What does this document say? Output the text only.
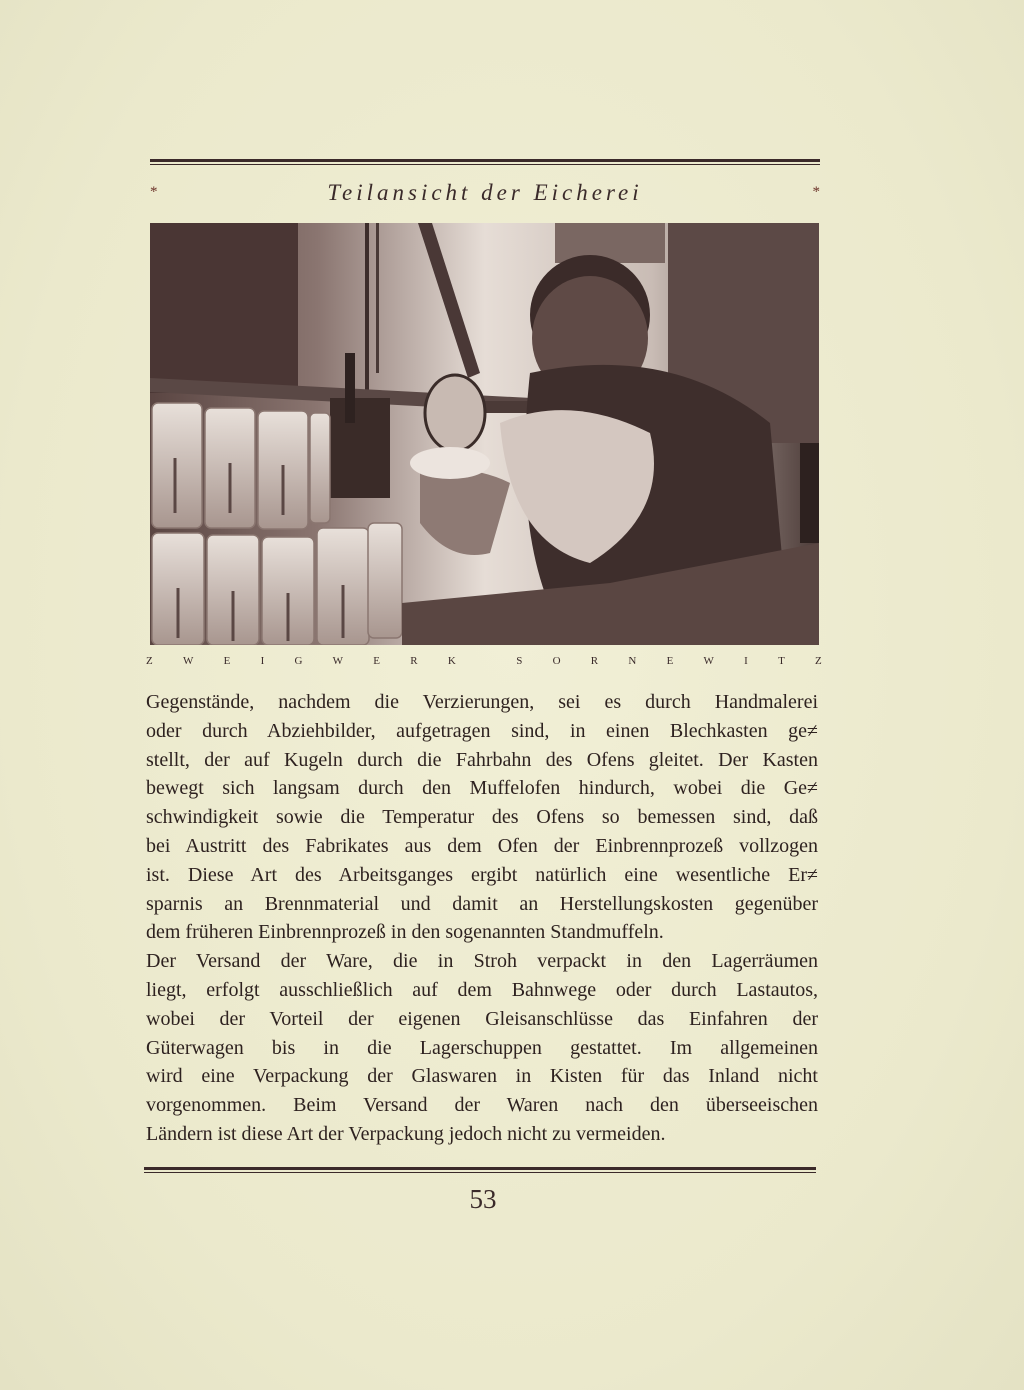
*	Teilansicht der Eicherei	*
Z	W	E	I	G	W	E	R	K	S	O	R	N	E	W	I	T	Z
Gegenstände, nachdem die Verzierungen, sei es durch Handmalerei
oder durch Abziehbilder, aufgetragen sind, in einen Blechkasten ge≠
stellt, der auf Kugeln durch die Fahrbahn des Ofens gleitet. Der Kasten
bewegt sich langsam durch den Muffelofen hindurch, wobei die Ge≠
schwindigkeit sowie die Temperatur des Ofens so bemessen sind, daß
bei Austritt des Fabrikates aus dem Ofen der Einbrennprozeß vollzogen
ist. Diese Art des Arbeitsganges ergibt natürlich eine wesentliche Er≠
sparnis an Brennmaterial und damit an Herstellungskosten gegenüber
dem früheren Einbrennprozeß in den sogenannten Standmuffeln.
Der Versand der Ware, die in Stroh verpackt in den Lagerräumen
liegt, erfolgt ausschließlich auf dem Bahnwege oder durch Lastautos,
wobei der Vorteil der eigenen Gleisanschlüsse das Einfahren der
Güterwagen bis in die Lagerschuppen gestattet. Im allgemeinen
wird eine Verpackung der Glaswaren in Kisten für das Inland nicht
vorgenommen. Beim Versand der Waren nach den überseeischen
Ländern ist diese Art der Verpackung jedoch nicht zu vermeiden.
53
